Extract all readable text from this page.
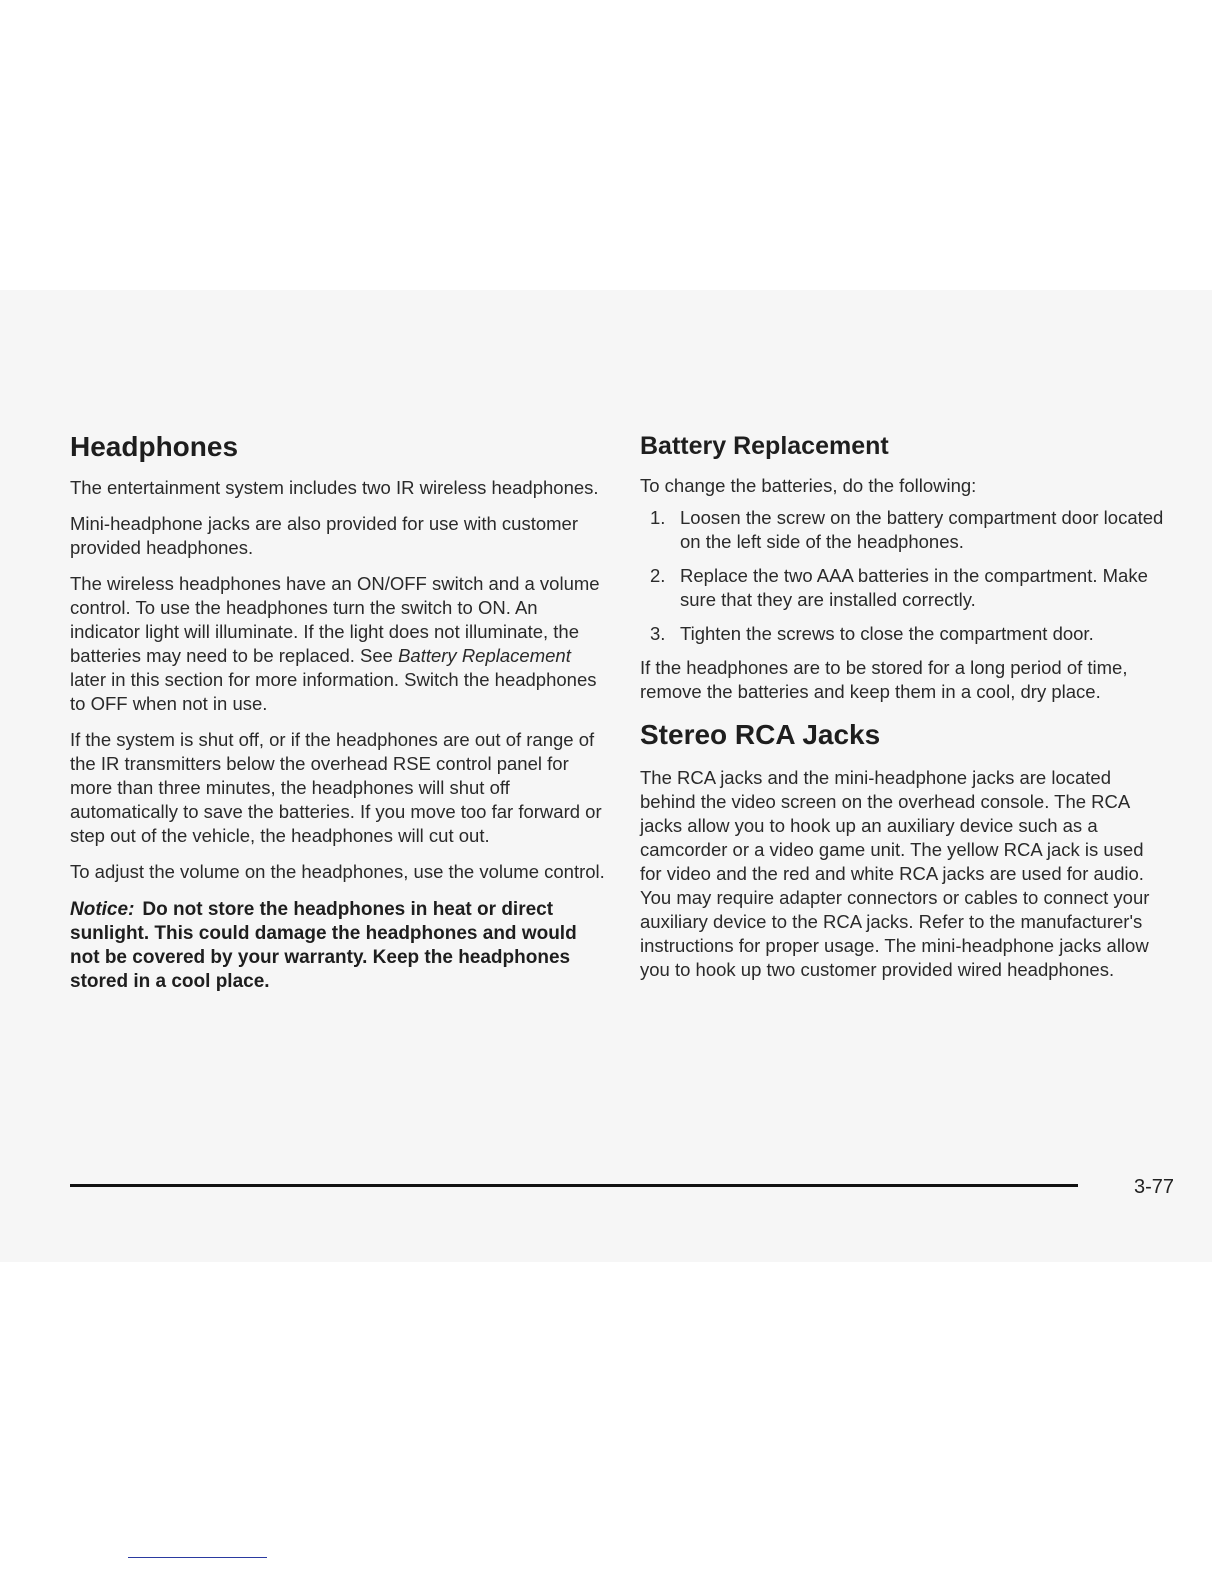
Headphones

The entertainment system includes two IR wireless headphones.

Mini-headphone jacks are also provided for use with customer provided headphones.

The wireless headphones have an ON/OFF switch and a volume control. To use the headphones turn the switch to ON. An indicator light will illuminate. If the light does not illuminate, the batteries may need to be replaced. See Battery Replacement later in this section for more information. Switch the headphones to OFF when not in use.

If the system is shut off, or if the headphones are out of range of the IR transmitters below the overhead RSE control panel for more than three minutes, the headphones will shut off automatically to save the batteries. If you move too far forward or step out of the vehicle, the headphones will cut out.

To adjust the volume on the headphones, use the volume control.

Notice: Do not store the headphones in heat or direct sunlight. This could damage the headphones and would not be covered by your warranty. Keep the headphones stored in a cool place.
Battery Replacement

To change the batteries, do the following:

1. Loosen the screw on the battery compartment door located on the left side of the headphones.
2. Replace the two AAA batteries in the compartment. Make sure that they are installed correctly.
3. Tighten the screws to close the compartment door.

If the headphones are to be stored for a long period of time, remove the batteries and keep them in a cool, dry place.

Stereo RCA Jacks

The RCA jacks and the mini-headphone jacks are located behind the video screen on the overhead console. The RCA jacks allow you to hook up an auxiliary device such as a camcorder or a video game unit. The yellow RCA jack is used for video and the red and white RCA jacks are used for audio. You may require adapter connectors or cables to connect your auxiliary device to the RCA jacks. Refer to the manufacturer's instructions for proper usage. The mini-headphone jacks allow you to hook up two customer provided wired headphones.

3-77
